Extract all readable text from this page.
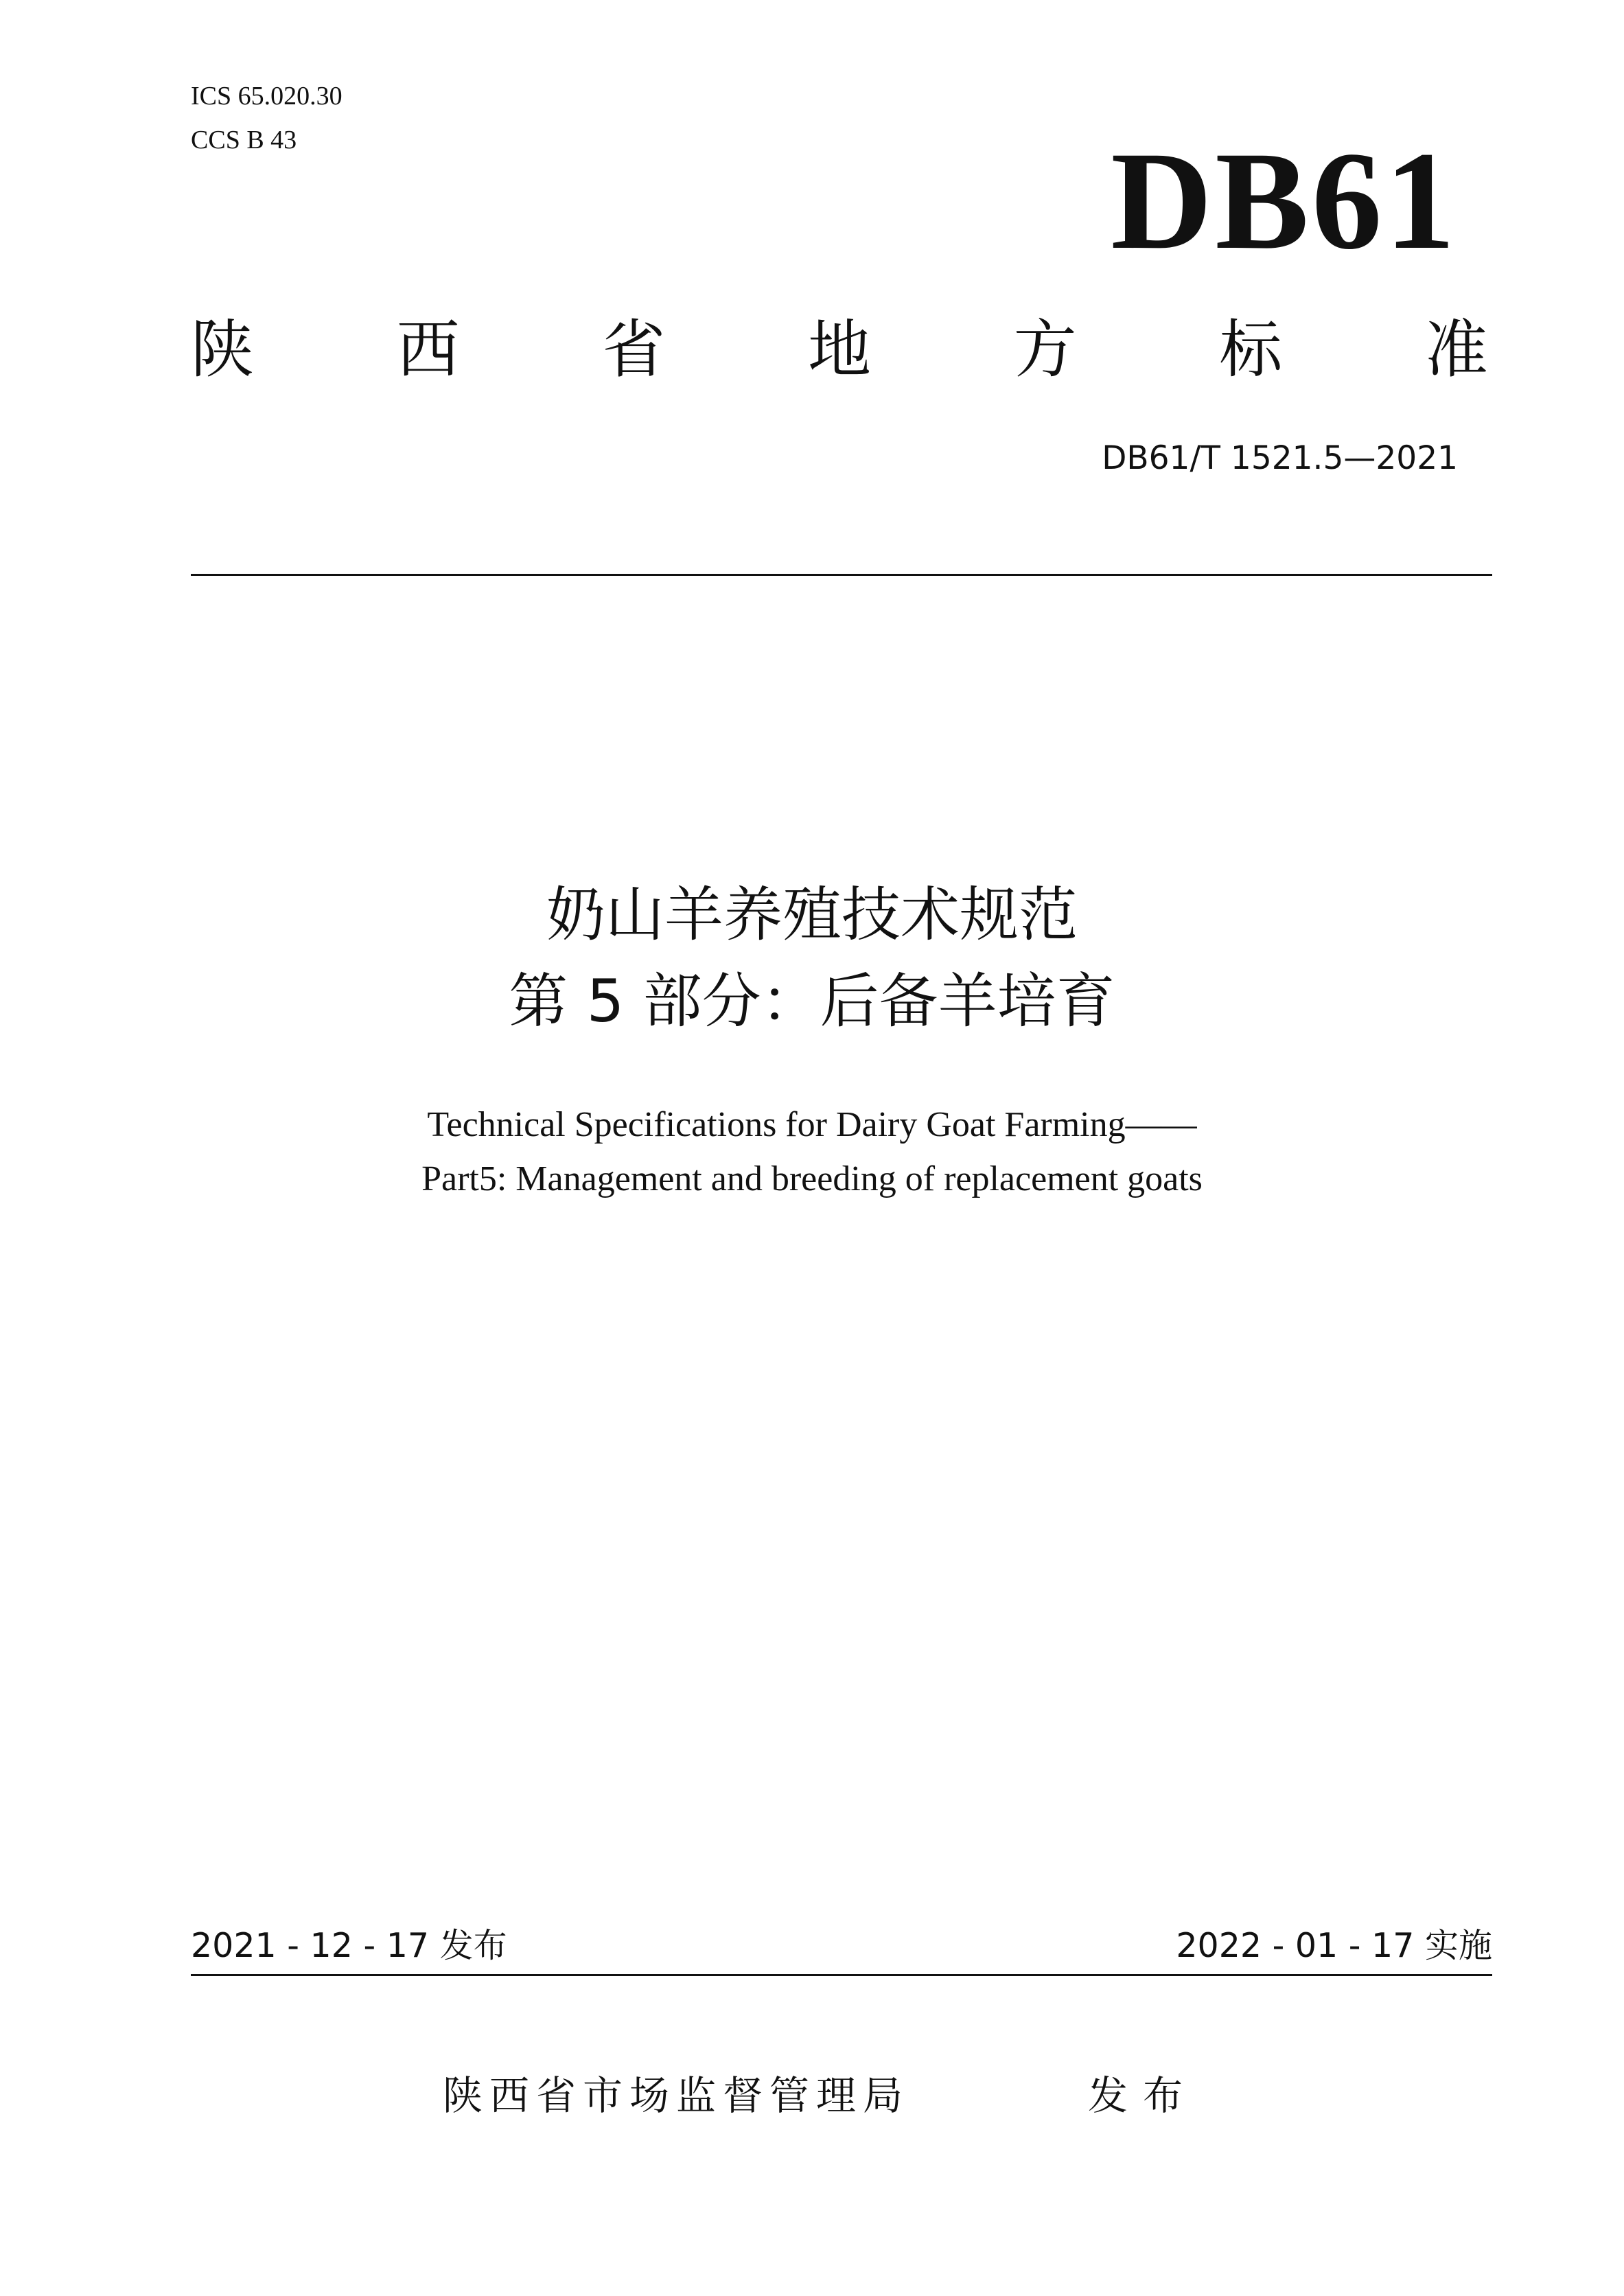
ICS 65.020.30
CCS B 43	DB61
陕 西 省 地 方 标 准
DB61/T 1521.5—2021
奶山羊养殖技术规范
第 5 部分：后备羊培育
Technical Specifications for Dairy Goat Farming——
Part5: Management and breeding of replacement goats
2021 - 12 - 17 发布	2022 - 01 - 17 实施
陕西省市场监督管理局	发布
